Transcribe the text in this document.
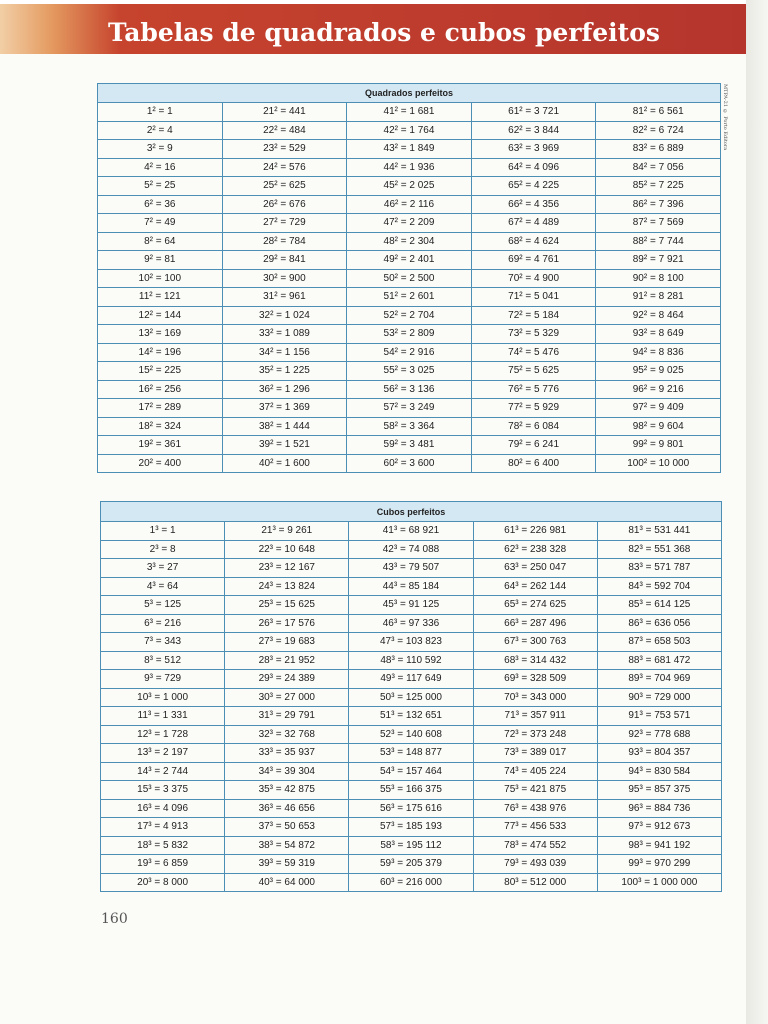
Tabelas de quadrados e cubos perfeitos
MTPA-21 © Porto Editora
Quadrados perfeitos				
1² = 1	21² = 441	41² = 1 681	61² = 3 721	81² = 6 561
2² = 4	22² = 484	42² = 1 764	62² = 3 844	82² = 6 724
3² = 9	23² = 529	43² = 1 849	63² = 3 969	83² = 6 889
4² = 16	24² = 576	44² = 1 936	64² = 4 096	84² = 7 056
5² = 25	25² = 625	45² = 2 025	65² = 4 225	85² = 7 225
6² = 36	26² = 676	46² = 2 116	66² = 4 356	86² = 7 396
7² = 49	27² = 729	47² = 2 209	67² = 4 489	87² = 7 569
8² = 64	28² = 784	48² = 2 304	68² = 4 624	88² = 7 744
9² = 81	29² = 841	49² = 2 401	69² = 4 761	89² = 7 921
10² = 100	30² = 900	50² = 2 500	70² = 4 900	90² = 8 100
11² = 121	31² = 961	51² = 2 601	71² = 5 041	91² = 8 281
12² = 144	32² = 1 024	52² = 2 704	72² = 5 184	92² = 8 464
13² = 169	33² = 1 089	53² = 2 809	73² = 5 329	93² = 8 649
14² = 196	34² = 1 156	54² = 2 916	74² = 5 476	94² = 8 836
15² = 225	35² = 1 225	55² = 3 025	75² = 5 625	95² = 9 025
16² = 256	36² = 1 296	56² = 3 136	76² = 5 776	96² = 9 216
17² = 289	37² = 1 369	57² = 3 249	77² = 5 929	97² = 9 409
18² = 324	38² = 1 444	58² = 3 364	78² = 6 084	98² = 9 604
19² = 361	39² = 1 521	59² = 3 481	79² = 6 241	99² = 9 801
20² = 400	40² = 1 600	60² = 3 600	80² = 6 400	100² = 10 000
Cubos perfeitos				
1³ = 1	21³ = 9 261	41³ = 68 921	61³ = 226 981	81³ = 531 441
2³ = 8	22³ = 10 648	42³ = 74 088	62³ = 238 328	82³ = 551 368
3³ = 27	23³ = 12 167	43³ = 79 507	63³ = 250 047	83³ = 571 787
4³ = 64	24³ = 13 824	44³ = 85 184	64³ = 262 144	84³ = 592 704
5³ = 125	25³ = 15 625	45³ = 91 125	65³ = 274 625	85³ = 614 125
6³ = 216	26³ = 17 576	46³ = 97 336	66³ = 287 496	86³ = 636 056
7³ = 343	27³ = 19 683	47³ = 103 823	67³ = 300 763	87³ = 658 503
8³ = 512	28³ = 21 952	48³ = 110 592	68³ = 314 432	88³ = 681 472
9³ = 729	29³ = 24 389	49³ = 117 649	69³ = 328 509	89³ = 704 969
10³ = 1 000	30³ = 27 000	50³ = 125 000	70³ = 343 000	90³ = 729 000
11³ = 1 331	31³ = 29 791	51³ = 132 651	71³ = 357 911	91³ = 753 571
12³ = 1 728	32³ = 32 768	52³ = 140 608	72³ = 373 248	92³ = 778 688
13³ = 2 197	33³ = 35 937	53³ = 148 877	73³ = 389 017	93³ = 804 357
14³ = 2 744	34³ = 39 304	54³ = 157 464	74³ = 405 224	94³ = 830 584
15³ = 3 375	35³ = 42 875	55³ = 166 375	75³ = 421 875	95³ = 857 375
16³ = 4 096	36³ = 46 656	56³ = 175 616	76³ = 438 976	96³ = 884 736
17³ = 4 913	37³ = 50 653	57³ = 185 193	77³ = 456 533	97³ = 912 673
18³ = 5 832	38³ = 54 872	58³ = 195 112	78³ = 474 552	98³ = 941 192
19³ = 6 859	39³ = 59 319	59³ = 205 379	79³ = 493 039	99³ = 970 299
20³ = 8 000	40³ = 64 000	60³ = 216 000	80³ = 512 000	100³ = 1 000 000
160
